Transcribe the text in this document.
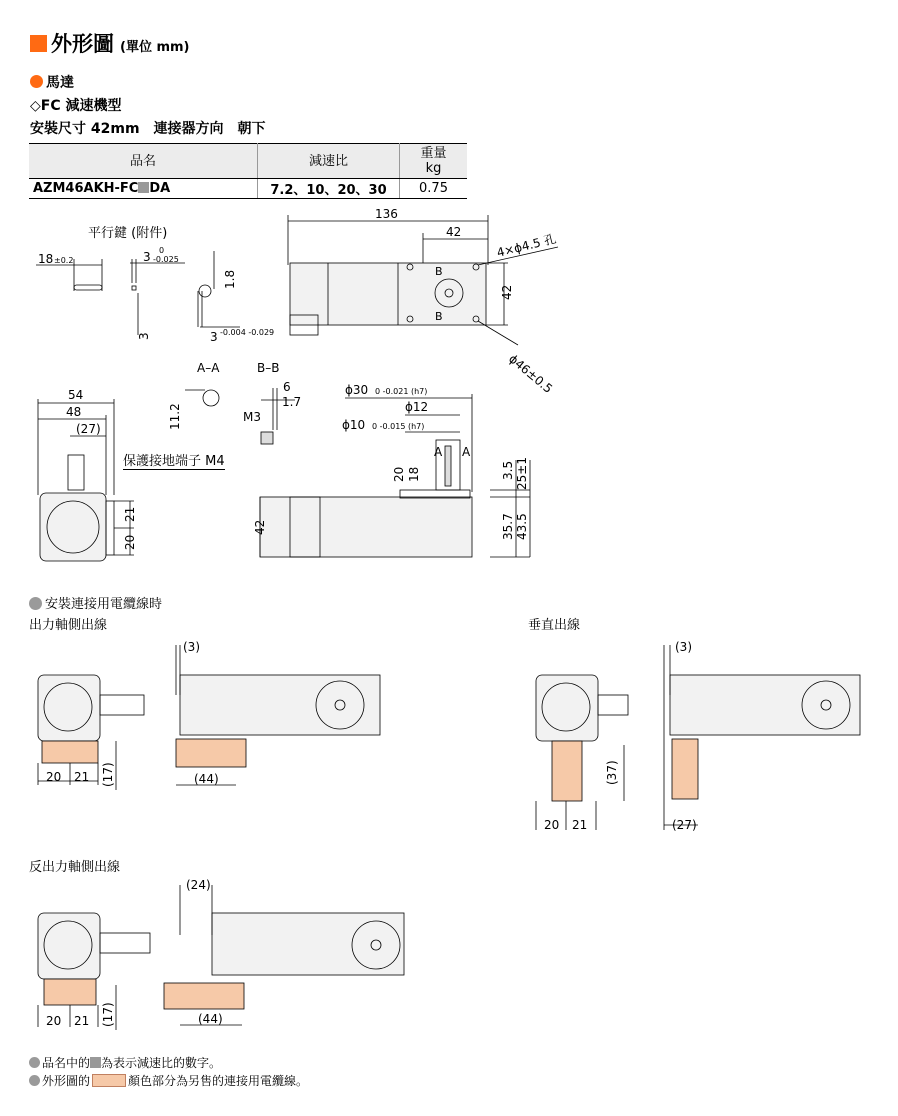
外形圖 (單位 mm)
馬達
◇FC 減速機型
安裝尺寸 42mm　連接器方向　朝下
品名	減速比	重量
kg
AZM46AKH-FC DA	7.2、10、20、30	0.75
平行鍵 (附件)
18 ±0.2	3 0
-0.025
3 -0.004 -0.029
1.8
3
136
42	4×ϕ4.5 孔
ϕ46±0.5
42
B
B
A–A	B–B
11.2
6
1.7
M3
54
48
(27)
21
20
保護接地端子 M4
ϕ30 0 -0.021 (h7)
ϕ12
ϕ10 0 -0.015 (h7)
20 18
A A
3.5 25±1
35.7 43.5
42
安裝連接用電纜線時
出力軸側出線	垂直出線
反出力軸側出線
(3)
20 21 (17)	(44)
(3)
(37)
20 21	(27)
(24)
20 21 (17)	(44)
品名中的 為表示減速比的數字。
外形圖的	顏色部分為另售的連接用電纜線。
